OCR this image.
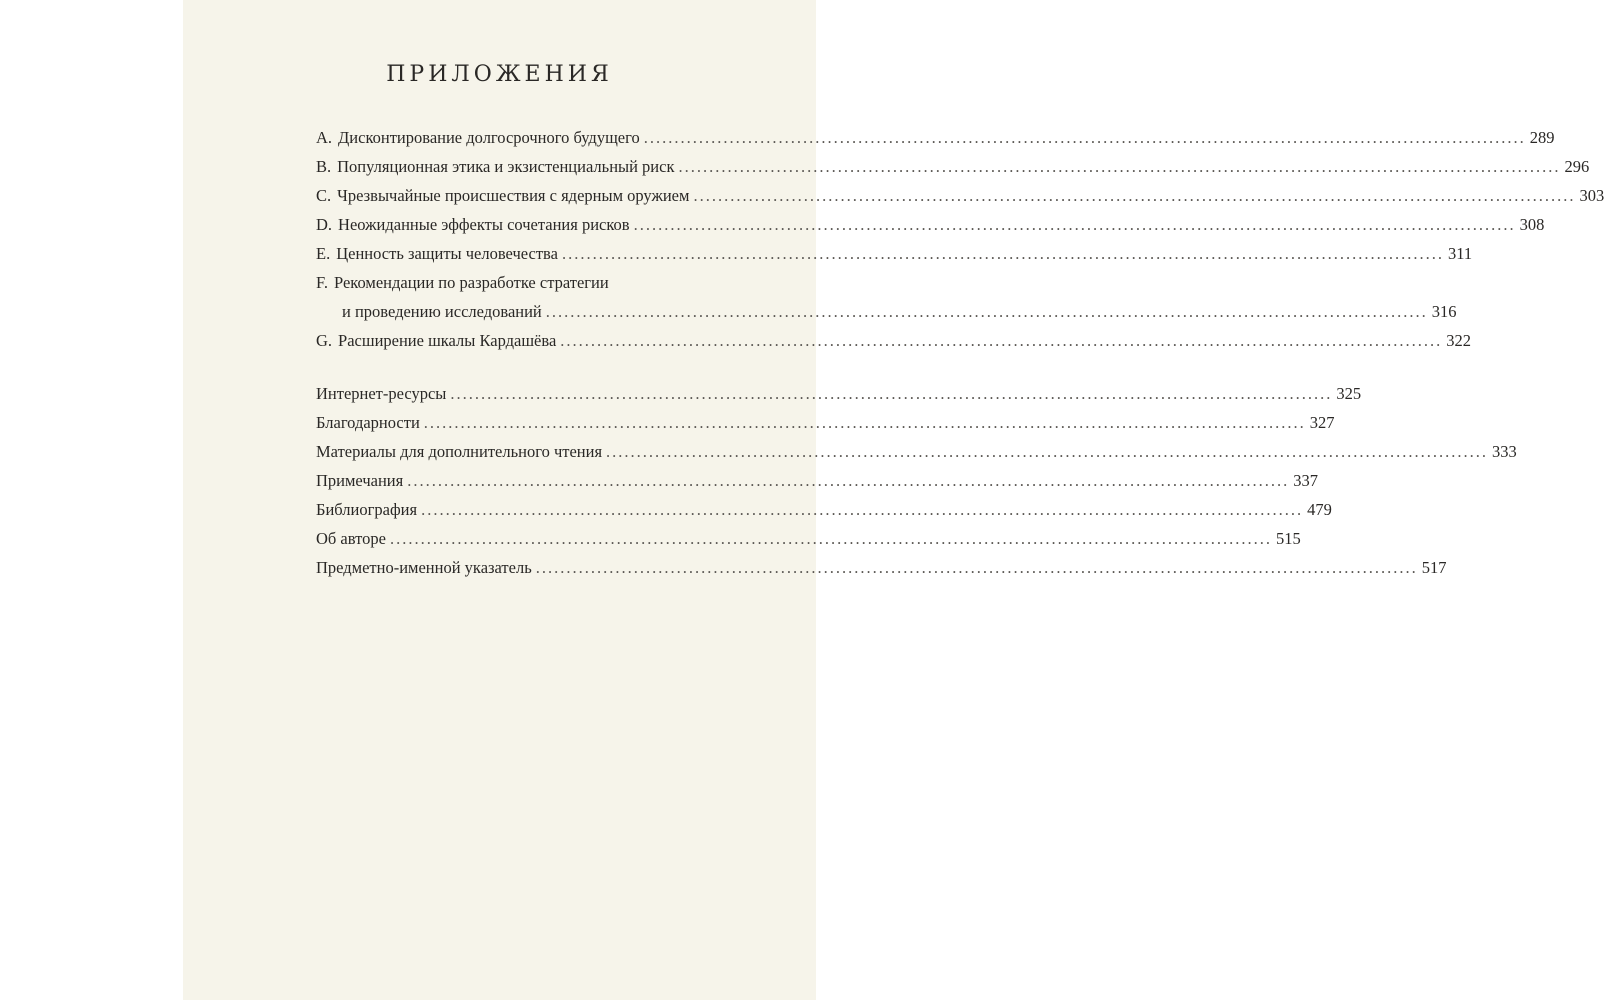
ПРИЛОЖЕНИЯ
A. Дисконтирование долгосрочного будущего .....	289
B. Популяционная этика и экзистенциальный риск .....	296
C. Чрезвычайные происшествия с ядерным оружием .....	303
D. Неожиданные эффекты сочетания рисков .....	308
E. Ценность защиты человечества .....	311
F. Рекомендации по разработке стратегии
и проведению исследований .....	316
G. Расширение шкалы Кардашёва .....	322
Интернет-ресурсы .....	325
Благодарности .....	327
Материалы для дополнительного чтения .....	333
Примечания .....	337
Библиография .....	479
Об авторе .....	515
Предметно-именной указатель .....	517
